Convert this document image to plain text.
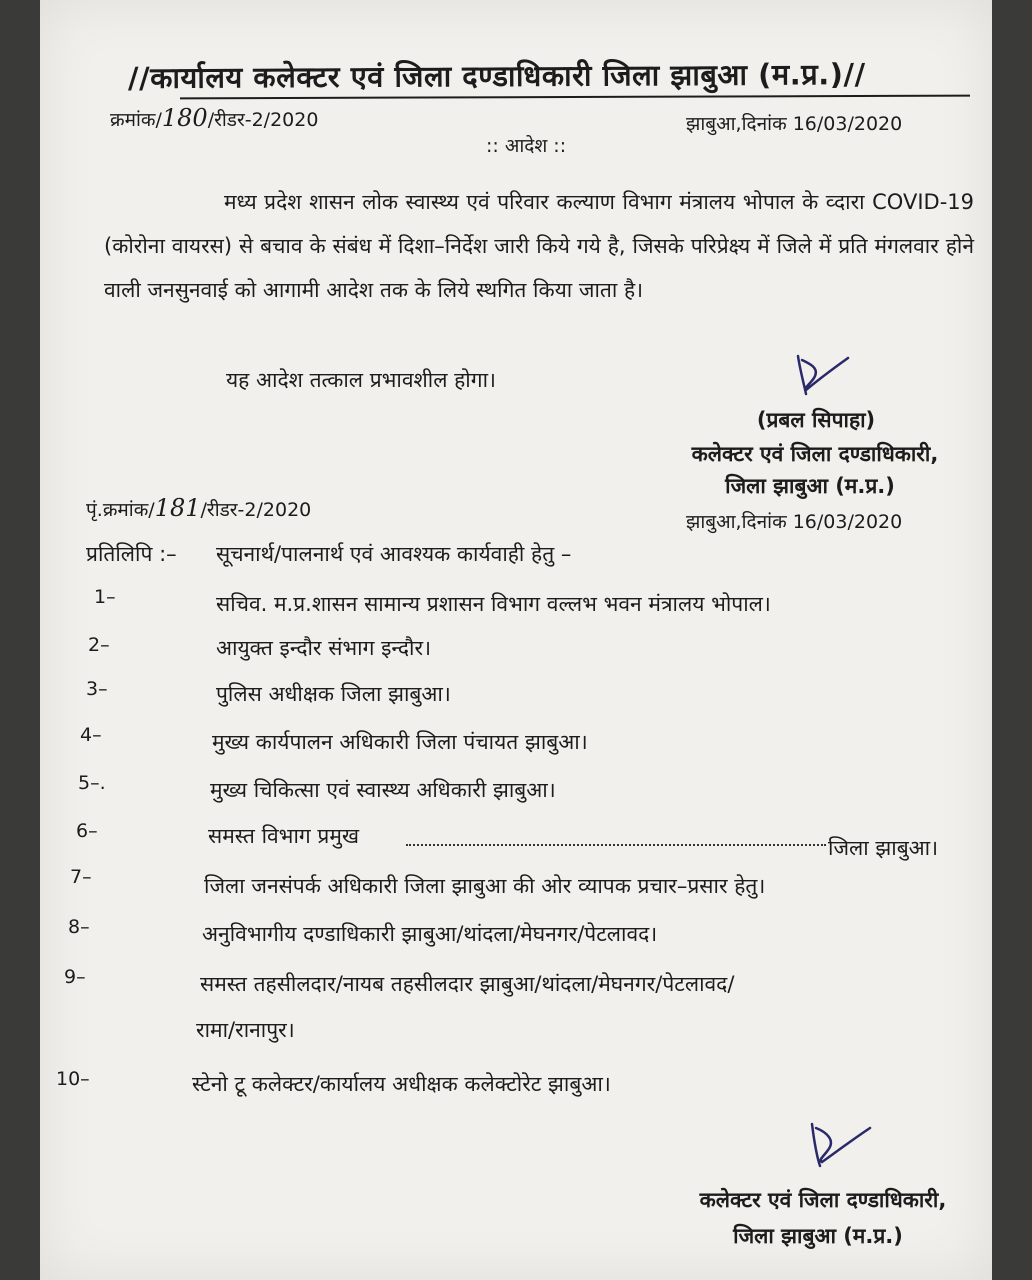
//कार्यालय कलेक्टर एवं जिला दण्डाधिकारी जिला झाबुआ (म.प्र.)//
क्रमांक/180/रीडर-2/2020	झाबुआ,दिनांक 16/03/2020
:: आदेश ::
मध्य प्रदेश शासन लोक स्वास्थ्य एवं परिवार कल्याण विभाग मंत्रालय भोपाल के व्दारा COVID-19 (कोरोना वायरस) से बचाव के संबंध में दिशा–निर्देश जारी किये गये है, जिसके परिप्रेक्ष्य में जिले में प्रति मंगलवार होने वाली जनसुनवाई को आगामी आदेश तक के लिये स्थगित किया जाता है।
यह आदेश तत्काल प्रभावशील होगा।
(प्रबल सिपाहा)
कलेक्टर एवं जिला दण्डाधिकारी,
जिला झाबुआ (म.प्र.)
पृं.क्रमांक/181/रीडर-2/2020
झाबुआ,दिनांक 16/03/2020
प्रतिलिपि :– सूचनार्थ/पालनार्थ एवं आवश्यक कार्यवाही हेतु –
1–	सचिव. म.प्र.शासन सामान्य प्रशासन विभाग वल्लभ भवन मंत्रालय भोपाल।
2–	आयुक्त इन्दौर संभाग इन्दौर।
3–	पुलिस अधीक्षक जिला झाबुआ।
4–	मुख्य कार्यपालन अधिकारी जिला पंचायत झाबुआ।
5–.	मुख्य चिकित्सा एवं स्वास्थ्य अधिकारी झाबुआ।
6–	समस्त विभाग प्रमुख	जिला झाबुआ।
7–	जिला जनसंपर्क अधिकारी जिला झाबुआ की ओर व्यापक प्रचार–प्रसार हेतु।
8–	अनुविभागीय दण्डाधिकारी झाबुआ/थांदला/मेघनगर/पेटलावद।
9–	समस्त तहसीलदार/नायब तहसीलदार झाबुआ/थांदला/मेघनगर/पेटलावद/
रामा/रानापुर।
10–	स्टेनो टू कलेक्टर/कार्यालय अधीक्षक कलेक्टोरेट झाबुआ।
कलेक्टर एवं जिला दण्डाधिकारी,
जिला झाबुआ (म.प्र.)
